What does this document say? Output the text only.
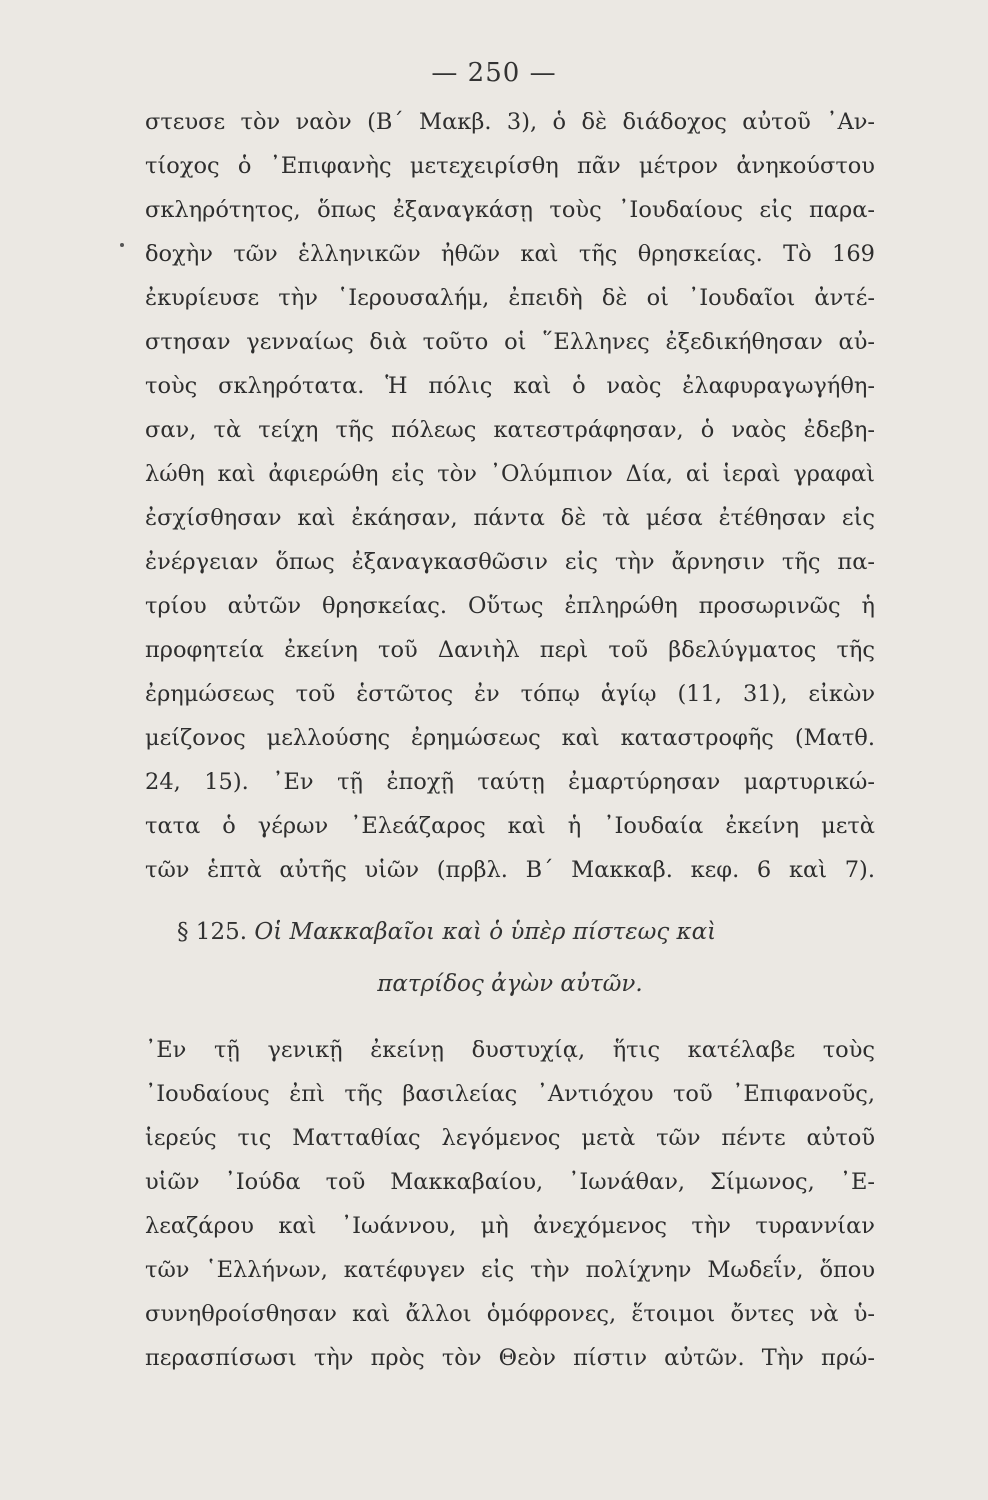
— 250 —
στευσε τὸν ναὸν (Β΄ Μακβ. 3), ὁ δὲ διάδοχος αὐτοῦ ᾿Αν-
τίοχος ὁ ᾿Επιφανὴς μετεχειρίσθη πᾶν μέτρον ἀνηκούστου
σκληρότητος, ὅπως ἐξαναγκάσῃ τοὺς ᾿Ιουδαίους εἰς παρα-
δοχὴν τῶν ἑλληνικῶν ἠθῶν καὶ τῆς θρησκείας. Τὸ 169
ἐκυρίευσε τὴν ῾Ιερουσαλήμ, ἐπειδὴ δὲ οἱ ᾿Ιουδαῖοι ἀντέ-
στησαν γενναίως διὰ τοῦτο οἱ ῞Ελληνες ἐξεδικήθησαν αὐ-
τοὺς σκληρότατα. Ἡ πόλις καὶ ὁ ναὸς ἐλαφυραγωγήθη-
σαν, τὰ τείχη τῆς πόλεως κατεστράφησαν, ὁ ναὸς ἐδεβη-
λώθη καὶ ἀφιερώθη εἰς τὸν ᾿Ολύμπιον Δία, αἱ ἱεραὶ γραφαὶ
ἐσχίσθησαν καὶ ἐκάησαν, πάντα δὲ τὰ μέσα ἐτέθησαν εἰς
ἐνέργειαν ὅπως ἐξαναγκασθῶσιν εἰς τὴν ἄρνησιν τῆς πα-
τρίου αὐτῶν θρησκείας. Οὕτως ἐπληρώθη προσωρινῶς ἡ
προφητεία ἐκείνη τοῦ Δανιὴλ περὶ τοῦ βδελύγματος τῆς
ἐρημώσεως τοῦ ἑστῶτος ἐν τόπῳ ἁγίῳ (11, 31), εἰκὼν
μείζονος μελλούσης ἐρημώσεως καὶ καταστροφῆς (Ματθ.
24, 15). ᾿Εν τῇ ἐποχῇ ταύτῃ ἐμαρτύρησαν μαρτυρικώ-
τατα ὁ γέρων ᾿Ελεάζαρος καὶ ἡ ᾿Ιουδαία ἐκείνη μετὰ
τῶν ἑπτὰ αὐτῆς υἱῶν (πρβλ. Β΄ Μακκαβ. κεφ. 6 καὶ 7).
§ 125. Οἱ Μακκαβαῖοι καὶ ὁ ὑπὲρ πίστεως καὶ
πατρίδος ἀγὼν αὐτῶν.
᾿Εν τῇ γενικῇ ἐκείνῃ δυστυχίᾳ, ἥτις κατέλαβε τοὺς
᾿Ιουδαίους ἐπὶ τῆς βασιλείας ᾿Αντιόχου τοῦ ᾿Επιφανοῦς,
ἱερεύς τις Ματταθίας λεγόμενος μετὰ τῶν πέντε αὐτοῦ
υἱῶν ᾿Ιούδα τοῦ Μακκαβαίου, ᾿Ιωνάθαν, Σίμωνος, ᾿Ε-
λεαζάρου καὶ ᾿Ιωάννου, μὴ ἀνεχόμενος τὴν τυραννίαν
τῶν ῾Ελλήνων, κατέφυγεν εἰς τὴν πολίχνην Μωδεΐν, ὅπου
συνηθροίσθησαν καὶ ἄλλοι ὁμόφρονες, ἕτοιμοι ὄντες νὰ ὑ-
περασπίσωσι τὴν πρὸς τὸν Θεὸν πίστιν αὐτῶν. Τὴν πρώ-
